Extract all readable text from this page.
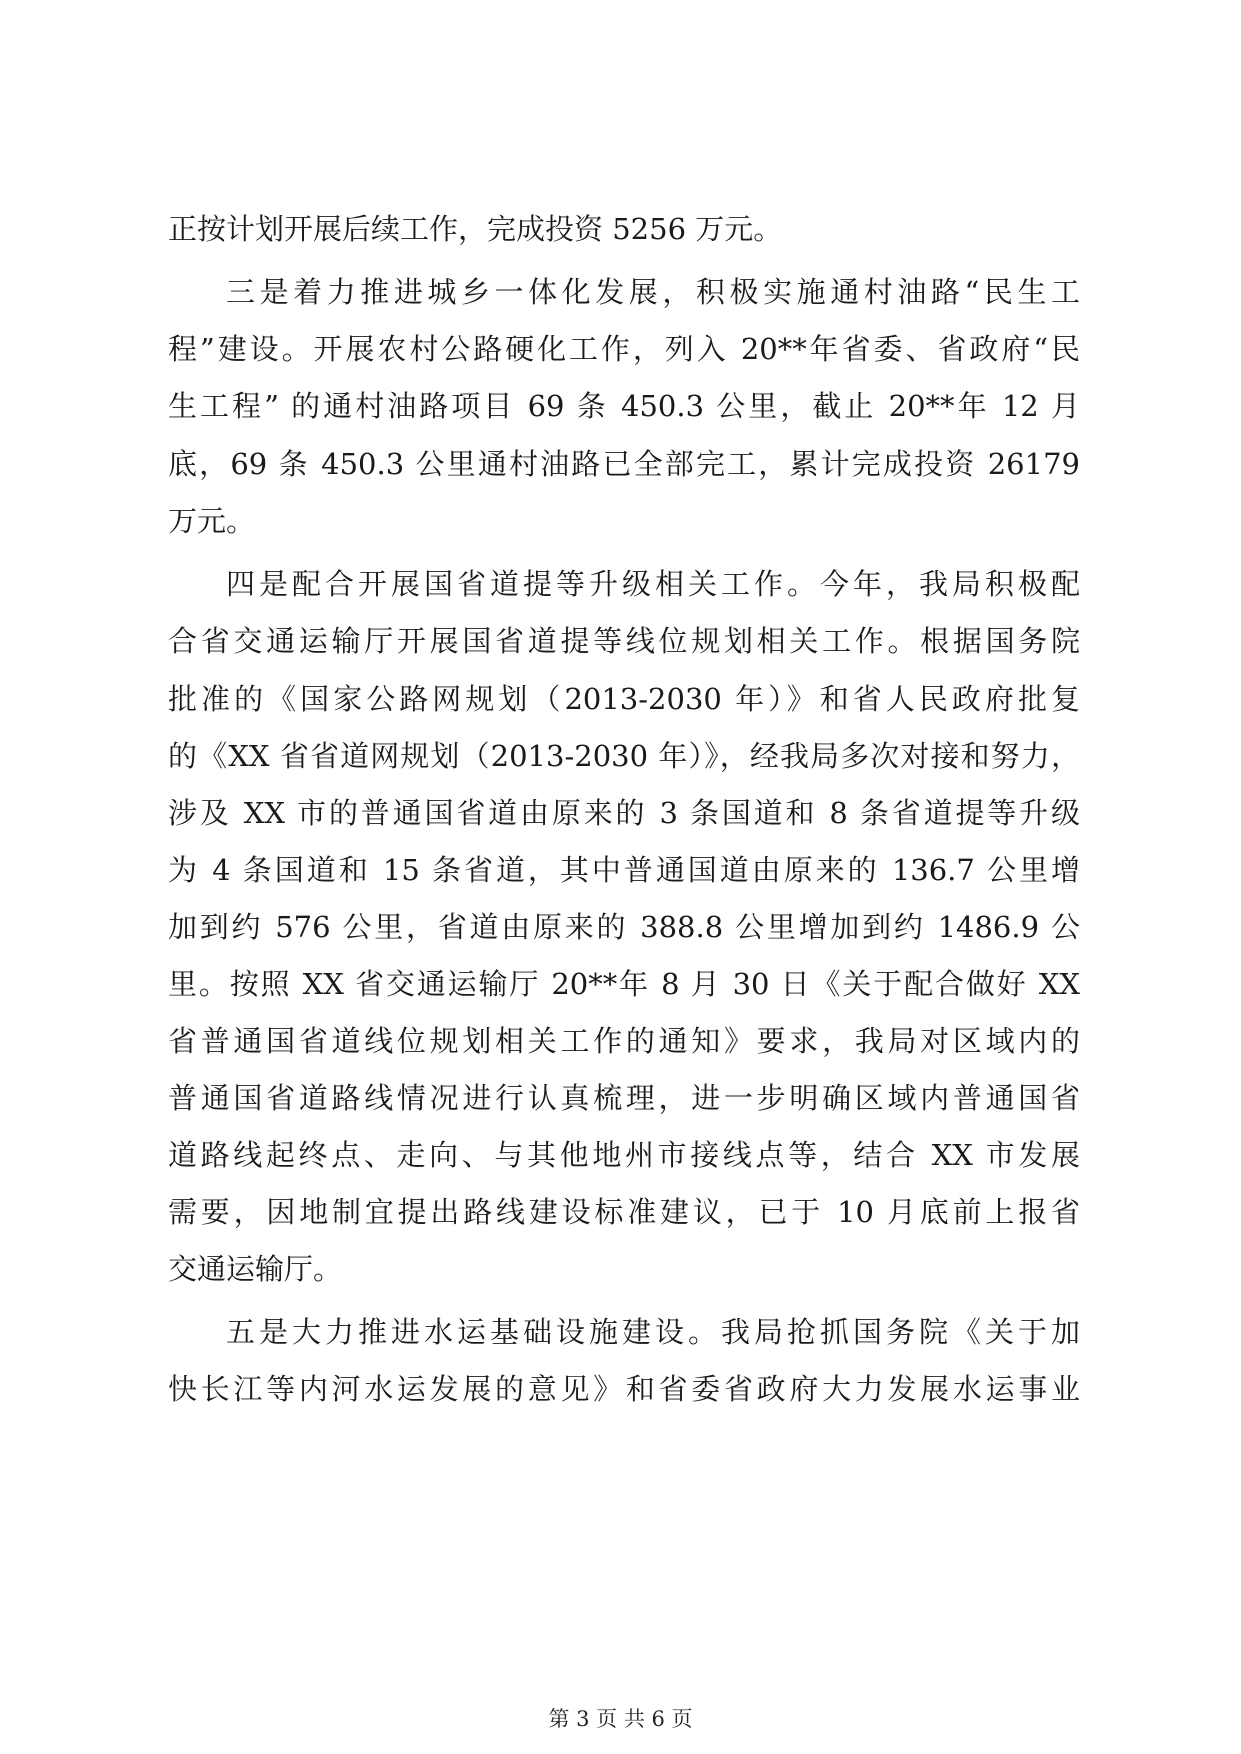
正按计划开展后续工作，完成投资 5256 万元。
三是着力推进城乡一体化发展，积极实施通村油路“民生工
程”建设。开展农村公路硬化工作，列入 20**年省委、省政府“民
生工程” 的通村油路项目 69 条 450.3 公里，截止 20**年 12 月
底，69 条 450.3 公里通村油路已全部完工，累计完成投资 26179
万元。
四是配合开展国省道提等升级相关工作。今年，我局积极配
合省交通运输厅开展国省道提等线位规划相关工作。根据国务院
批准的《国家公路网规划（2013-2030 年）》和省人民政府批复
的《XX 省省道网规划（2013-2030 年）》，经我局多次对接和努力，
涉及 XX 市的普通国省道由原来的 3 条国道和 8 条省道提等升级
为 4 条国道和 15 条省道，其中普通国道由原来的 136.7 公里增
加到约 576 公里，省道由原来的 388.8 公里增加到约 1486.9 公
里。按照 XX 省交通运输厅 20**年 8 月 30 日《关于配合做好 XX
省普通国省道线位规划相关工作的通知》要求，我局对区域内的
普通国省道路线情况进行认真梳理，进一步明确区域内普通国省
道路线起终点、走向、与其他地州市接线点等，结合 XX 市发展
需要，因地制宜提出路线建设标准建议，已于 10 月底前上报省
交通运输厅。
五是大力推进水运基础设施建设。我局抢抓国务院《关于加
快长江等内河水运发展的意见》和省委省政府大力发展水运事业
第 3 页 共 6 页
